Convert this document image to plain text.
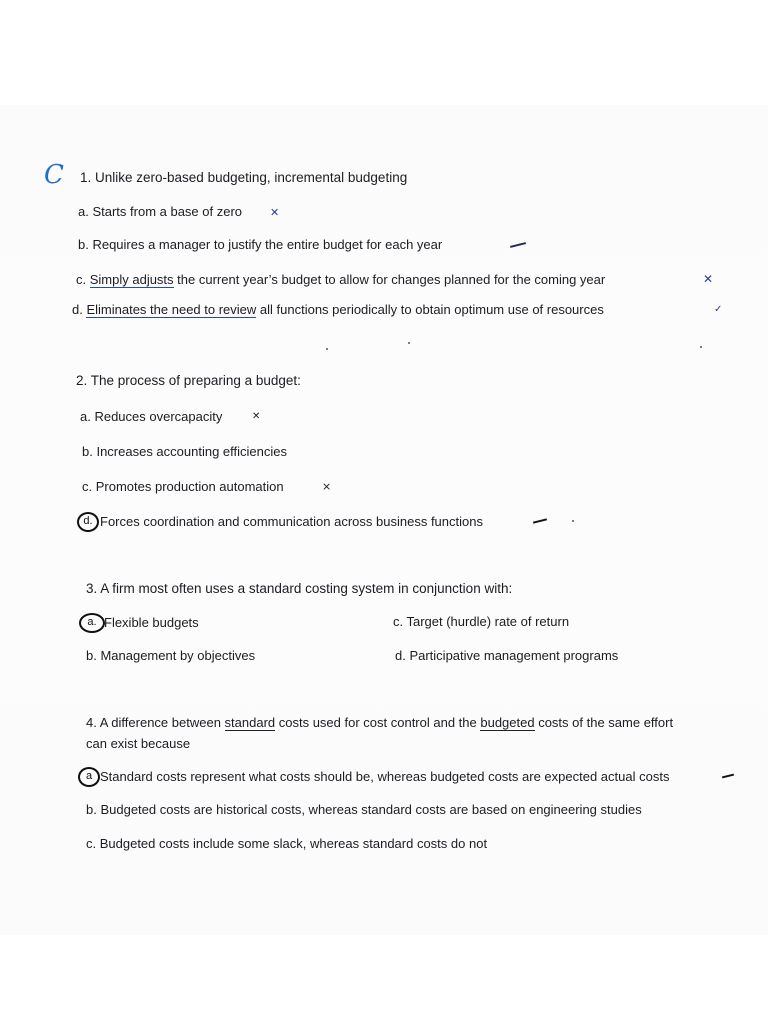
C 1. Unlike zero-based budgeting, incremental budgeting
a. Starts from a base of zero	✕
b. Requires a manager to justify the entire budget for each year
c. Simply adjusts the current year’s budget to allow for changes planned for the coming year	✕
d. Eliminates the need to review all functions periodically to obtain optimum use of resources	✓
2. The process of preparing a budget:
a. Reduces overcapacity	✕
b. Increases accounting efficiencies
c. Promotes production automation	⨯
d. Forces coordination and communication across business functions
3. A firm most often uses a standard costing system in conjunction with:
a. Flexible budgets	c. Target (hurdle) rate of return
b. Management by objectives	d. Participative management programs
4. A difference between standard costs used for cost control and the budgeted costs of the same effort
can exist because
a Standard costs represent what costs should be, whereas budgeted costs are expected actual costs
b. Budgeted costs are historical costs, whereas standard costs are based on engineering studies
c. Budgeted costs include some slack, whereas standard costs do not
